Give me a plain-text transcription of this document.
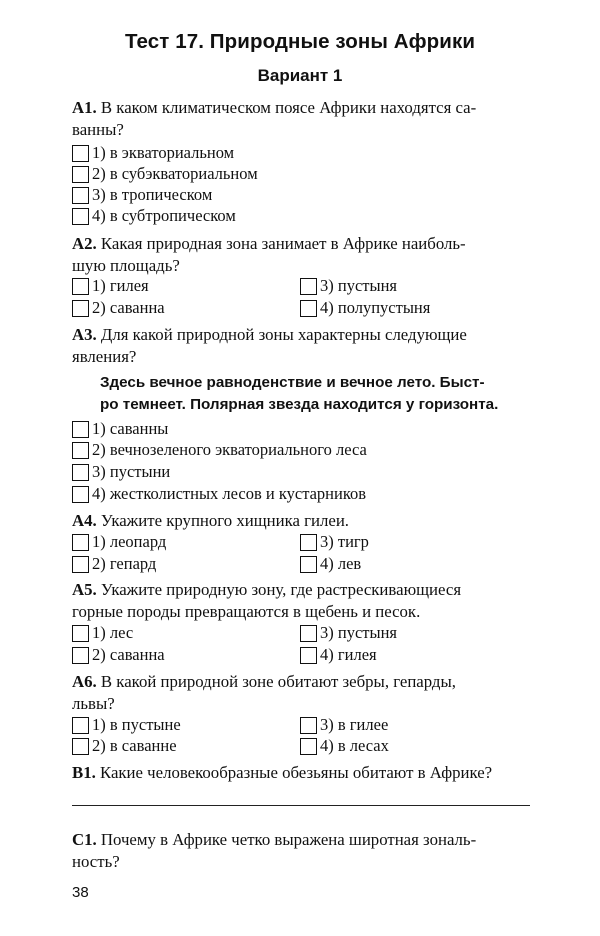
Тест 17. Природные зоны Африки
Вариант 1
А1. В каком климатическом поясе Африки находятся са-
ванны?
1) в экваториальном
2) в субэкваториальном
3) в тропическом
4) в субтропическом
А2. Какая природная зона занимает в Африке наиболь-
шую площадь?
1) гилея
2) саванна
3) пустыня
4) полупустыня
А3. Для какой природной зоны характерны следующие
явления?
Здесь вечное равноденствие и вечное лето. Быст-
ро темнеет. Полярная звезда находится у горизонта.
1) саванны
2) вечнозеленого экваториального леса
3) пустыни
4) жестколистных лесов и кустарников
А4. Укажите крупного хищника гилеи.
1) леопард
2) гепард
3) тигр
4) лев
А5. Укажите природную зону, где растрескивающиеся
горные породы превращаются в щебень и песок.
1) лес
2) саванна
3) пустыня
4) гилея
А6. В какой природной зоне обитают зебры, гепарды,
львы?
1) в пустыне
2) в саванне
3) в гилее
4) в лесах
В1. Какие человекообразные обезьяны обитают в Африке?
С1. Почему в Африке четко выражена широтная зональ-
ность?
38
